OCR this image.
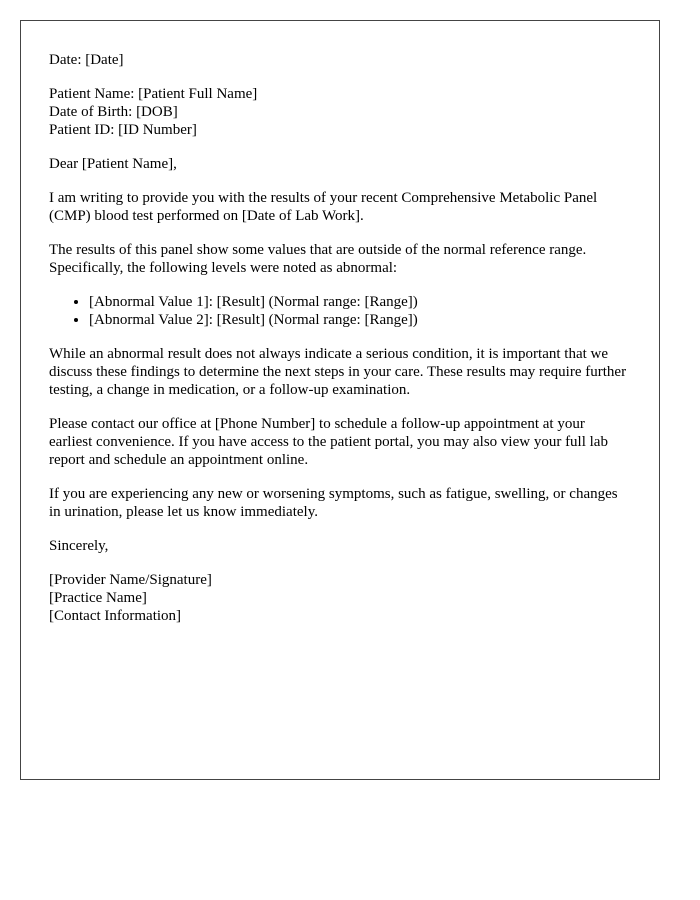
Date: [Date]
Patient Name: [Patient Full Name]
Date of Birth: [DOB]
Patient ID: [ID Number]
Dear [Patient Name],
I am writing to provide you with the results of your recent Comprehensive Metabolic Panel (CMP) blood test performed on [Date of Lab Work].
The results of this panel show some values that are outside of the normal reference range. Specifically, the following levels were noted as abnormal:
• [Abnormal Value 1]: [Result] (Normal range: [Range])
• [Abnormal Value 2]: [Result] (Normal range: [Range])
While an abnormal result does not always indicate a serious condition, it is important that we discuss these findings to determine the next steps in your care. These results may require further testing, a change in medication, or a follow-up examination.
Please contact our office at [Phone Number] to schedule a follow-up appointment at your earliest convenience. If you have access to the patient portal, you may also view your full lab report and schedule an appointment online.
If you are experiencing any new or worsening symptoms, such as fatigue, swelling, or changes in urination, please let us know immediately.
Sincerely,
[Provider Name/Signature]
[Practice Name]
[Contact Information]
